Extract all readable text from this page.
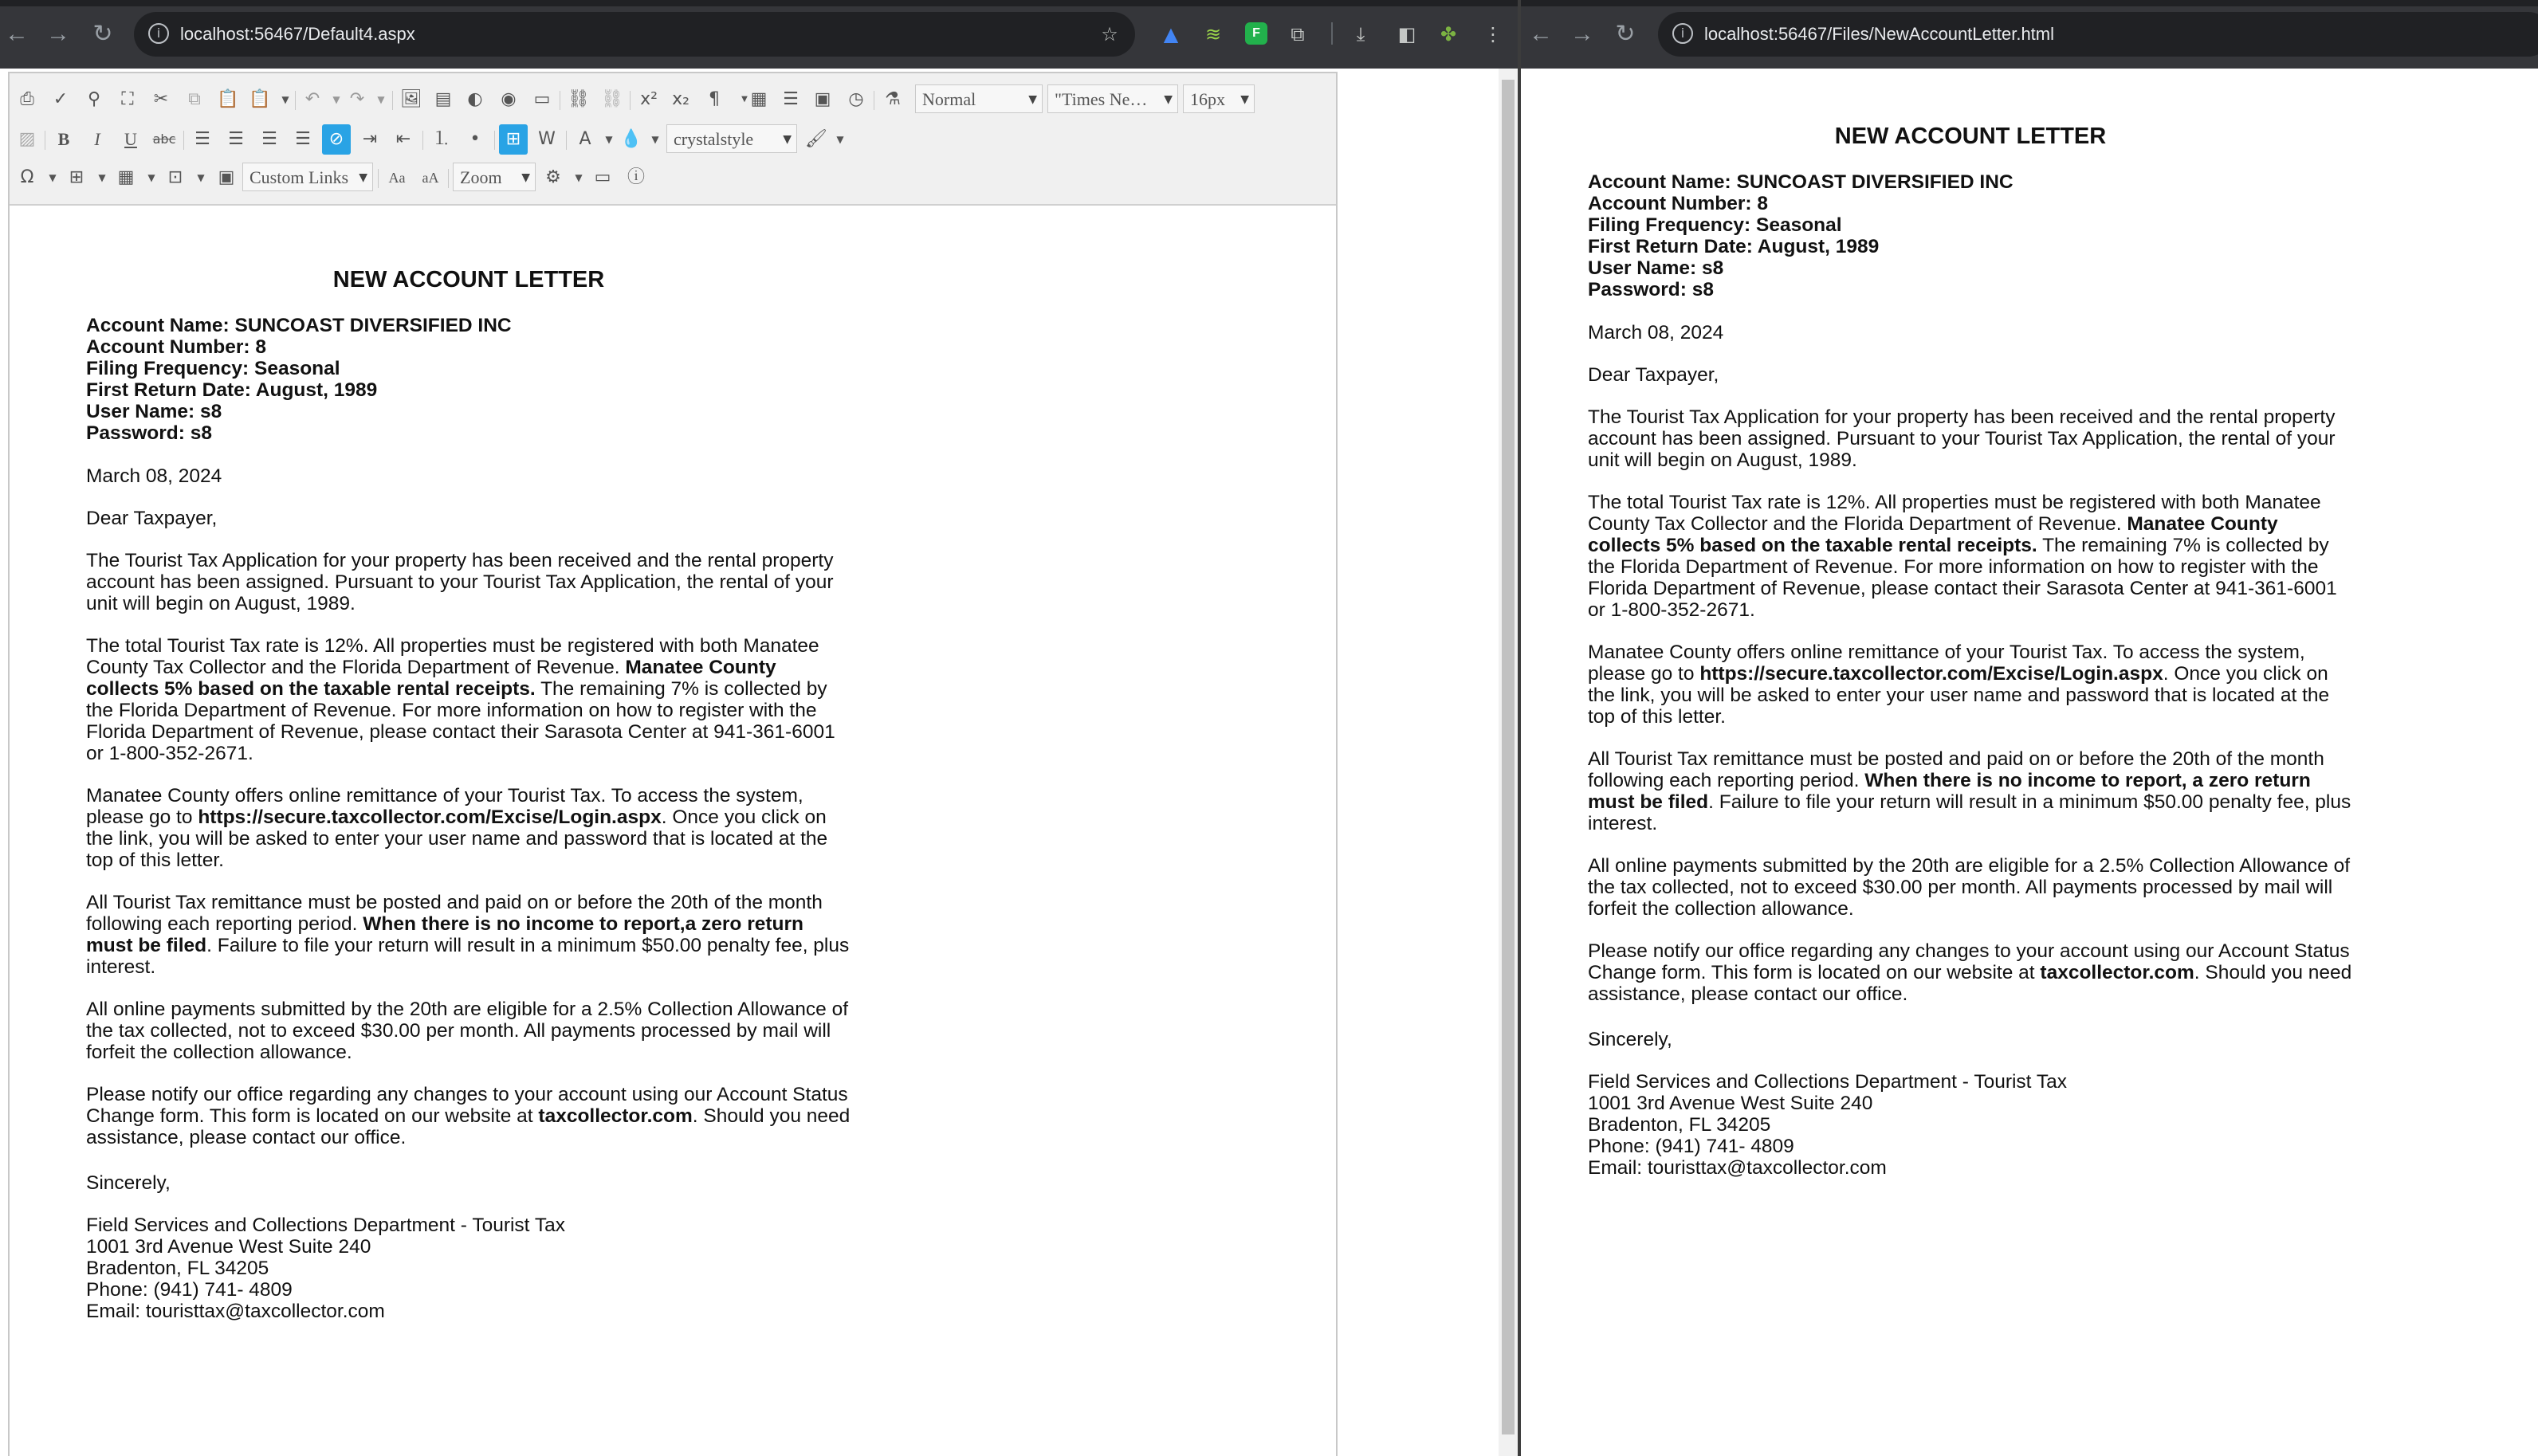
← → ↻	i	localhost:56467/Default4.aspx	☆	▲	≋	F	⧉	⤓	◧ ✤ ⋮
⎙	✓	⚲	⛶	✂	⧉ 📋 📋	▼ ↶	▼ ↷	▼ 🖼 ▤ ◐	◉	▭ ⛓ ⛓ x² x₂	¶	▼ ▦ ☰ ▣	◷	⚗	Normal	▼	"Times Ne… ▼	16px ▼
▨	B	I	U	abc	☰	☰	☰	☰	⊘	⇥	⇤	⒈	•	⊞ W	A	▼ 💧 ▼ crystalstyle	▼ 🖌 ▼
Ω	▼ ⊞	▼ ▦	▼ ⊡	▼ ▣ Custom Links ▼	Aa	aA	Zoom ▼ ⚙	▼ ▭ ⓘ
NEW ACCOUNT LETTER

Account Name: SUNCOAST DIVERSIFIED INC

Account Number: 8

Filing Frequency: Seasonal

First Return Date: August, 1989

User Name: s8

Password: s8

March 08, 2024

Dear Taxpayer,

The Tourist Tax Application for your property has been received and the rental property account has been assigned. Pursuant to your Tourist Tax Application, the rental of your unit will begin on August, 1989.

The total Tourist Tax rate is 12%. All properties must be registered with both Manatee County Tax Collector and the Florida Department of Revenue. Manatee County collects 5% based on the taxable rental receipts. The remaining 7% is collected by the Florida Department of Revenue. For more information on how to register with the Florida Department of Revenue, please contact their Sarasota Center at 941-361-6001 or 1-800-352-2671.

Manatee County offers online remittance of your Tourist Tax. To access the system, please go to https://secure.taxcollector.com/Excise/Login.aspx. Once you click on the link, you will be asked to enter your user name and password that is located at the top of this letter.

All Tourist Tax remittance must be posted and paid on or before the 20th of the month following each reporting period. When there is no income to report,a zero return must be filed. Failure to file your return will result in a minimum $50.00 penalty fee, plus interest.

All online payments submitted by the 20th are eligible for a 2.5% Collection Allowance of the tax collected, not to exceed $30.00 per month. All payments processed by mail will forfeit the collection allowance.

Please notify our office regarding any changes to your account using our Account Status Change form. This form is located on our website at taxcollector.com. Should you need assistance, please contact our office.

Sincerely,

Field Services and Collections Department - Tourist Tax

1001 3rd Avenue West Suite 240

Bradenton, FL 34205

Phone: (941) 741- 4809

Email: touristtax@taxcollector.com

← → ↻	i	localhost:56467/Files/NewAccountLetter.html
NEW ACCOUNT LETTER

Account Name: SUNCOAST DIVERSIFIED INC

Account Number: 8

Filing Frequency: Seasonal

First Return Date: August, 1989

User Name: s8

Password: s8

March 08, 2024

Dear Taxpayer,

The Tourist Tax Application for your property has been received and the rental property account has been assigned. Pursuant to your Tourist Tax Application, the rental of your unit will begin on August, 1989.

The total Tourist Tax rate is 12%. All properties must be registered with both Manatee County Tax Collector and the Florida Department of Revenue. Manatee County collects 5% based on the taxable rental receipts. The remaining 7% is collected by the Florida Department of Revenue. For more information on how to register with the Florida Department of Revenue, please contact their Sarasota Center at 941-361-6001 or 1-800-352-2671.

Manatee County offers online remittance of your Tourist Tax. To access the system, please go to https://secure.taxcollector.com/Excise/Login.aspx. Once you click on the link, you will be asked to enter your user name and password that is located at the top of this letter.

All Tourist Tax remittance must be posted and paid on or before the 20th of the month following each reporting period. When there is no income to report, a zero return must be filed. Failure to file your return will result in a minimum $50.00 penalty fee, plus interest.

All online payments submitted by the 20th are eligible for a 2.5% Collection Allowance of the tax collected, not to exceed $30.00 per month. All payments processed by mail will forfeit the collection allowance.

Please notify our office regarding any changes to your account using our Account Status Change form. This form is located on our website at taxcollector.com. Should you need assistance, please contact our office.

Sincerely,

Field Services and Collections Department - Tourist Tax

1001 3rd Avenue West Suite 240

Bradenton, FL 34205

Phone: (941) 741- 4809

Email: touristtax@taxcollector.com
